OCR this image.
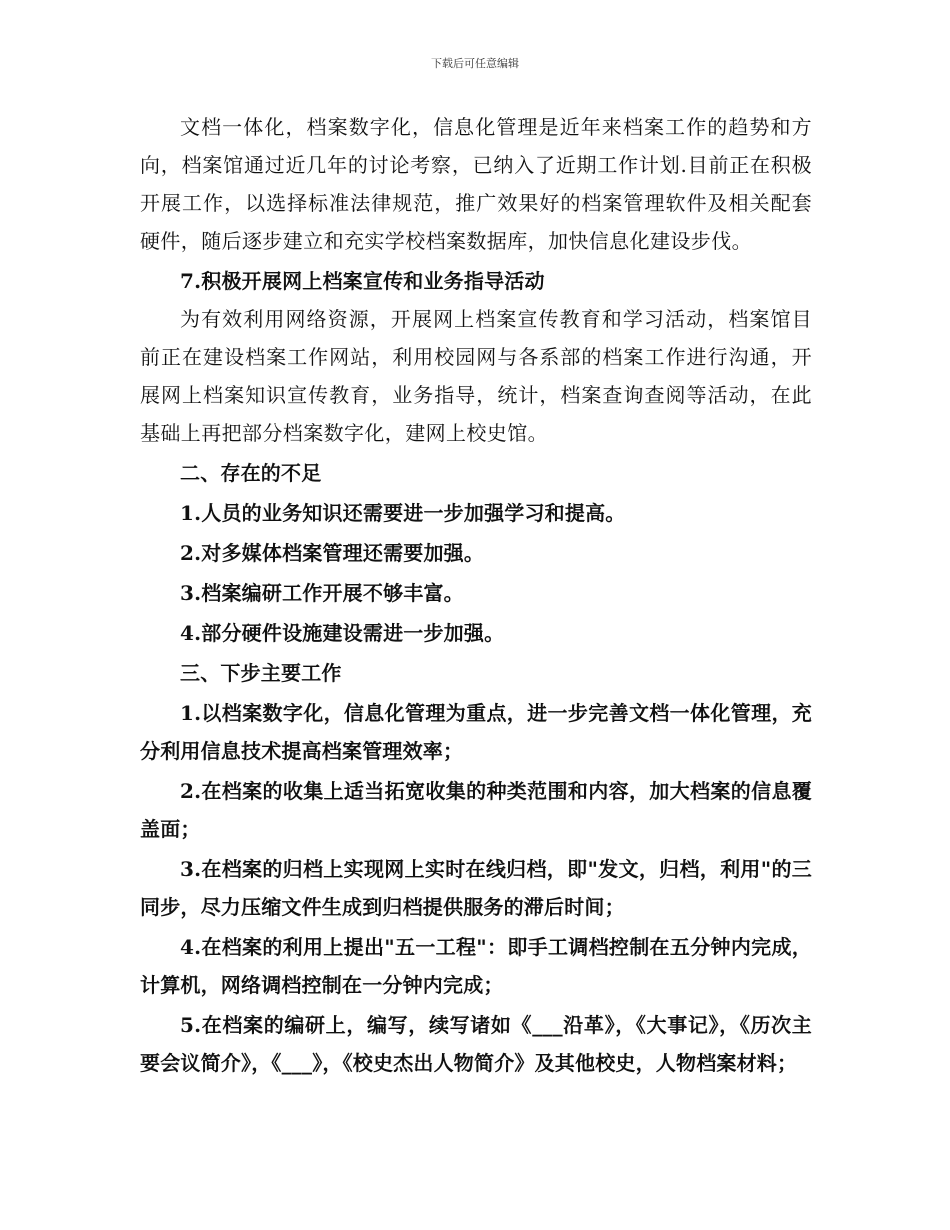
下载后可任意编辑

文档一体化，档案数字化，信息化管理是近年来档案工作的趋势和方向，档案馆通过近几年的讨论考察，已纳入了近期工作计划.目前正在积极开展工作，以选择标准法律规范，推广效果好的档案管理软件及相关配套硬件，随后逐步建立和充实学校档案数据库，加快信息化建设步伐。

7.积极开展网上档案宣传和业务指导活动

为有效利用网络资源，开展网上档案宣传教育和学习活动，档案馆目前正在建设档案工作网站，利用校园网与各系部的档案工作进行沟通，开展网上档案知识宣传教育，业务指导，统计，档案查询查阅等活动，在此基础上再把部分档案数字化，建网上校史馆。

二、存在的不足

1.人员的业务知识还需要进一步加强学习和提高。

2.对多媒体档案管理还需要加强。

3.档案编研工作开展不够丰富。

4.部分硬件设施建设需进一步加强。

三、下步主要工作

1.以档案数字化，信息化管理为重点，进一步完善文档一体化管理，充分利用信息技术提高档案管理效率；

2.在档案的收集上适当拓宽收集的种类范围和内容，加大档案的信息覆盖面；

3.在档案的归档上实现网上实时在线归档，即"发文，归档，利用"的三同步，尽力压缩文件生成到归档提供服务的滞后时间；

4.在档案的利用上提出"五一工程"：即手工调档控制在五分钟内完成，计算机，网络调档控制在一分钟内完成；

5.在档案的编研上，编写，续写诸如《___沿革》，《大事记》，《历次主要会议简介》，《___》，《校史杰出人物简介》及其他校史，人物档案材料；
